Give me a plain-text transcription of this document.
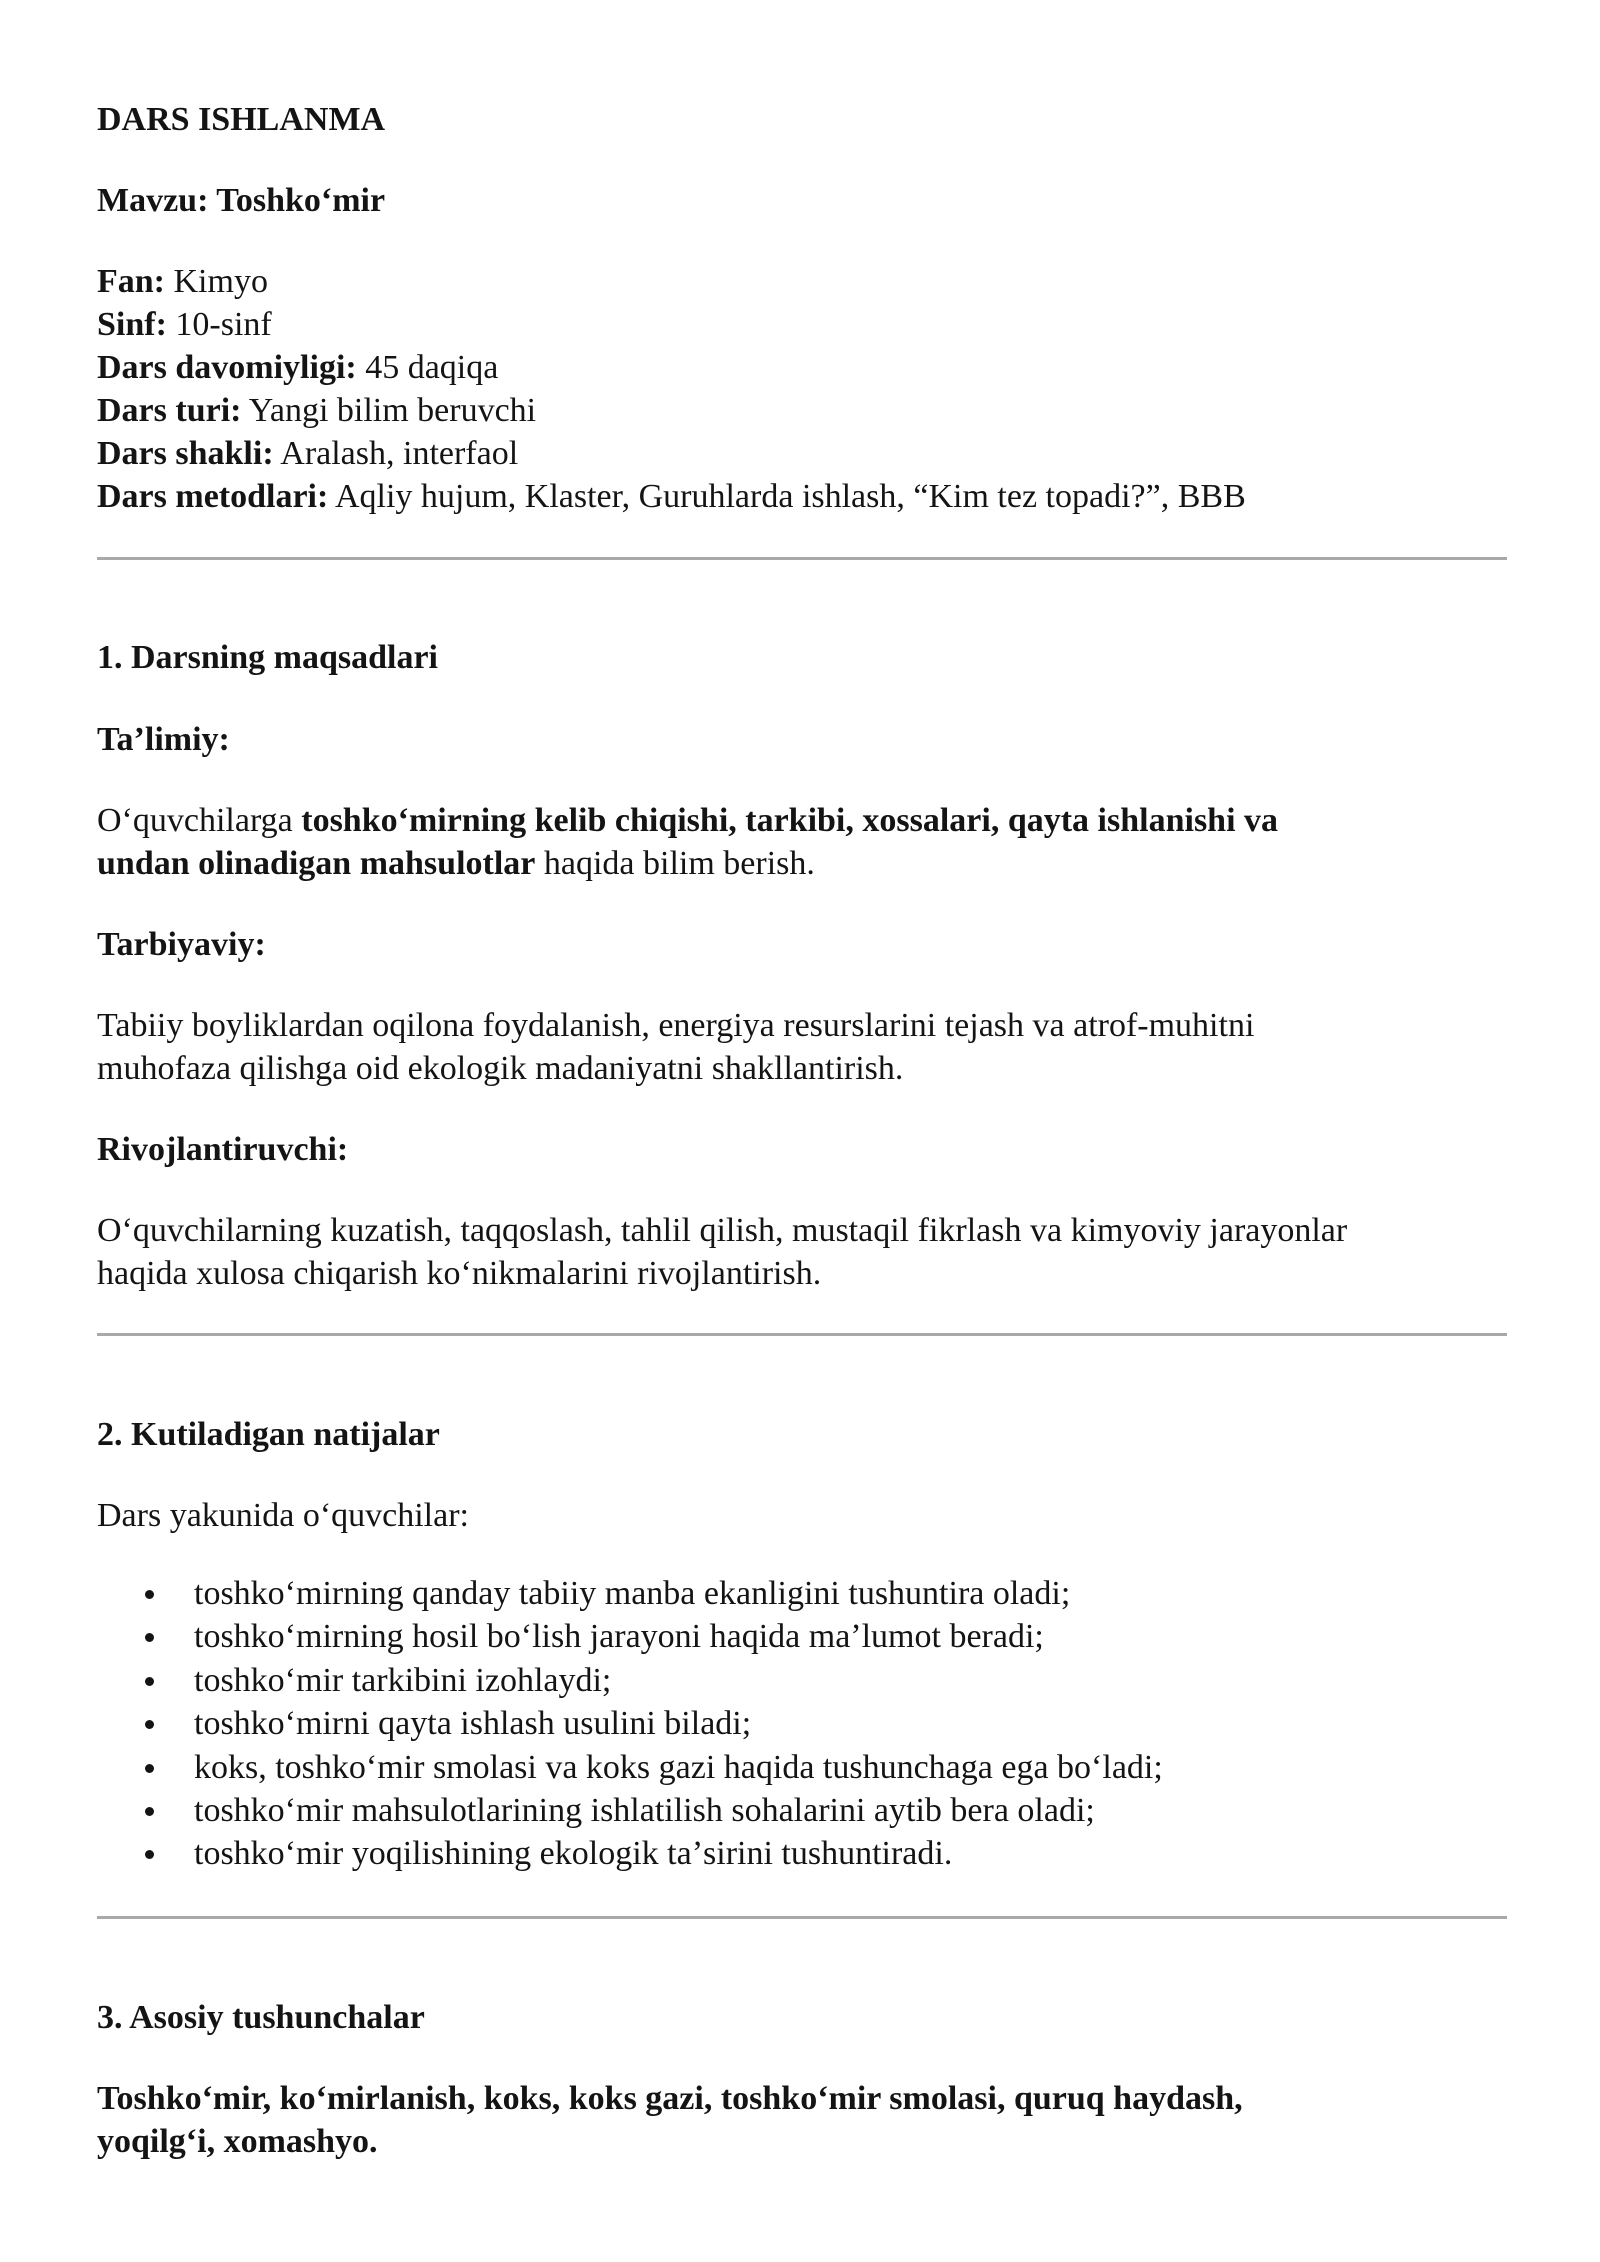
DARS ISHLANMA
Mavzu: Toshkoʻmir
Fan: Kimyo
Sinf: 10-sinf
Dars davomiyligi: 45 daqiqa
Dars turi: Yangi bilim beruvchi
Dars shakli: Aralash, interfaol
Dars metodlari: Aqliy hujum, Klaster, Guruhlarda ishlash, “Kim tez topadi?”, BBB
1. Darsning maqsadlari
Ta’limiy:
Oʻquvchilarga toshkoʻmirning kelib chiqishi, tarkibi, xossalari, qayta ishlanishi va
undan olinadigan mahsulotlar haqida bilim berish.
Tarbiyaviy:
Tabiiy boyliklardan oqilona foydalanish, energiya resurslarini tejash va atrof-muhitni
muhofaza qilishga oid ekologik madaniyatni shakllantirish.
Rivojlantiruvchi:
Oʻquvchilarning kuzatish, taqqoslash, tahlil qilish, mustaqil fikrlash va kimyoviy jarayonlar
haqida xulosa chiqarish koʻnikmalarini rivojlantirish.
2. Kutiladigan natijalar
Dars yakunida oʻquvchilar:
toshkoʻmirning qanday tabiiy manba ekanligini tushuntira oladi;
toshkoʻmirning hosil boʻlish jarayoni haqida maʼlumot beradi;
toshkoʻmir tarkibini izohlaydi;
toshkoʻmirni qayta ishlash usulini biladi;
koks, toshkoʻmir smolasi va koks gazi haqida tushunchaga ega boʻladi;
toshkoʻmir mahsulotlarining ishlatilish sohalarini aytib bera oladi;
toshkoʻmir yoqilishining ekologik taʼsirini tushuntiradi.
3. Asosiy tushunchalar
Toshkoʻmir, koʻmirlanish, koks, koks gazi, toshkoʻmir smolasi, quruq haydash,
yoqilgʻi, xomashyo.
